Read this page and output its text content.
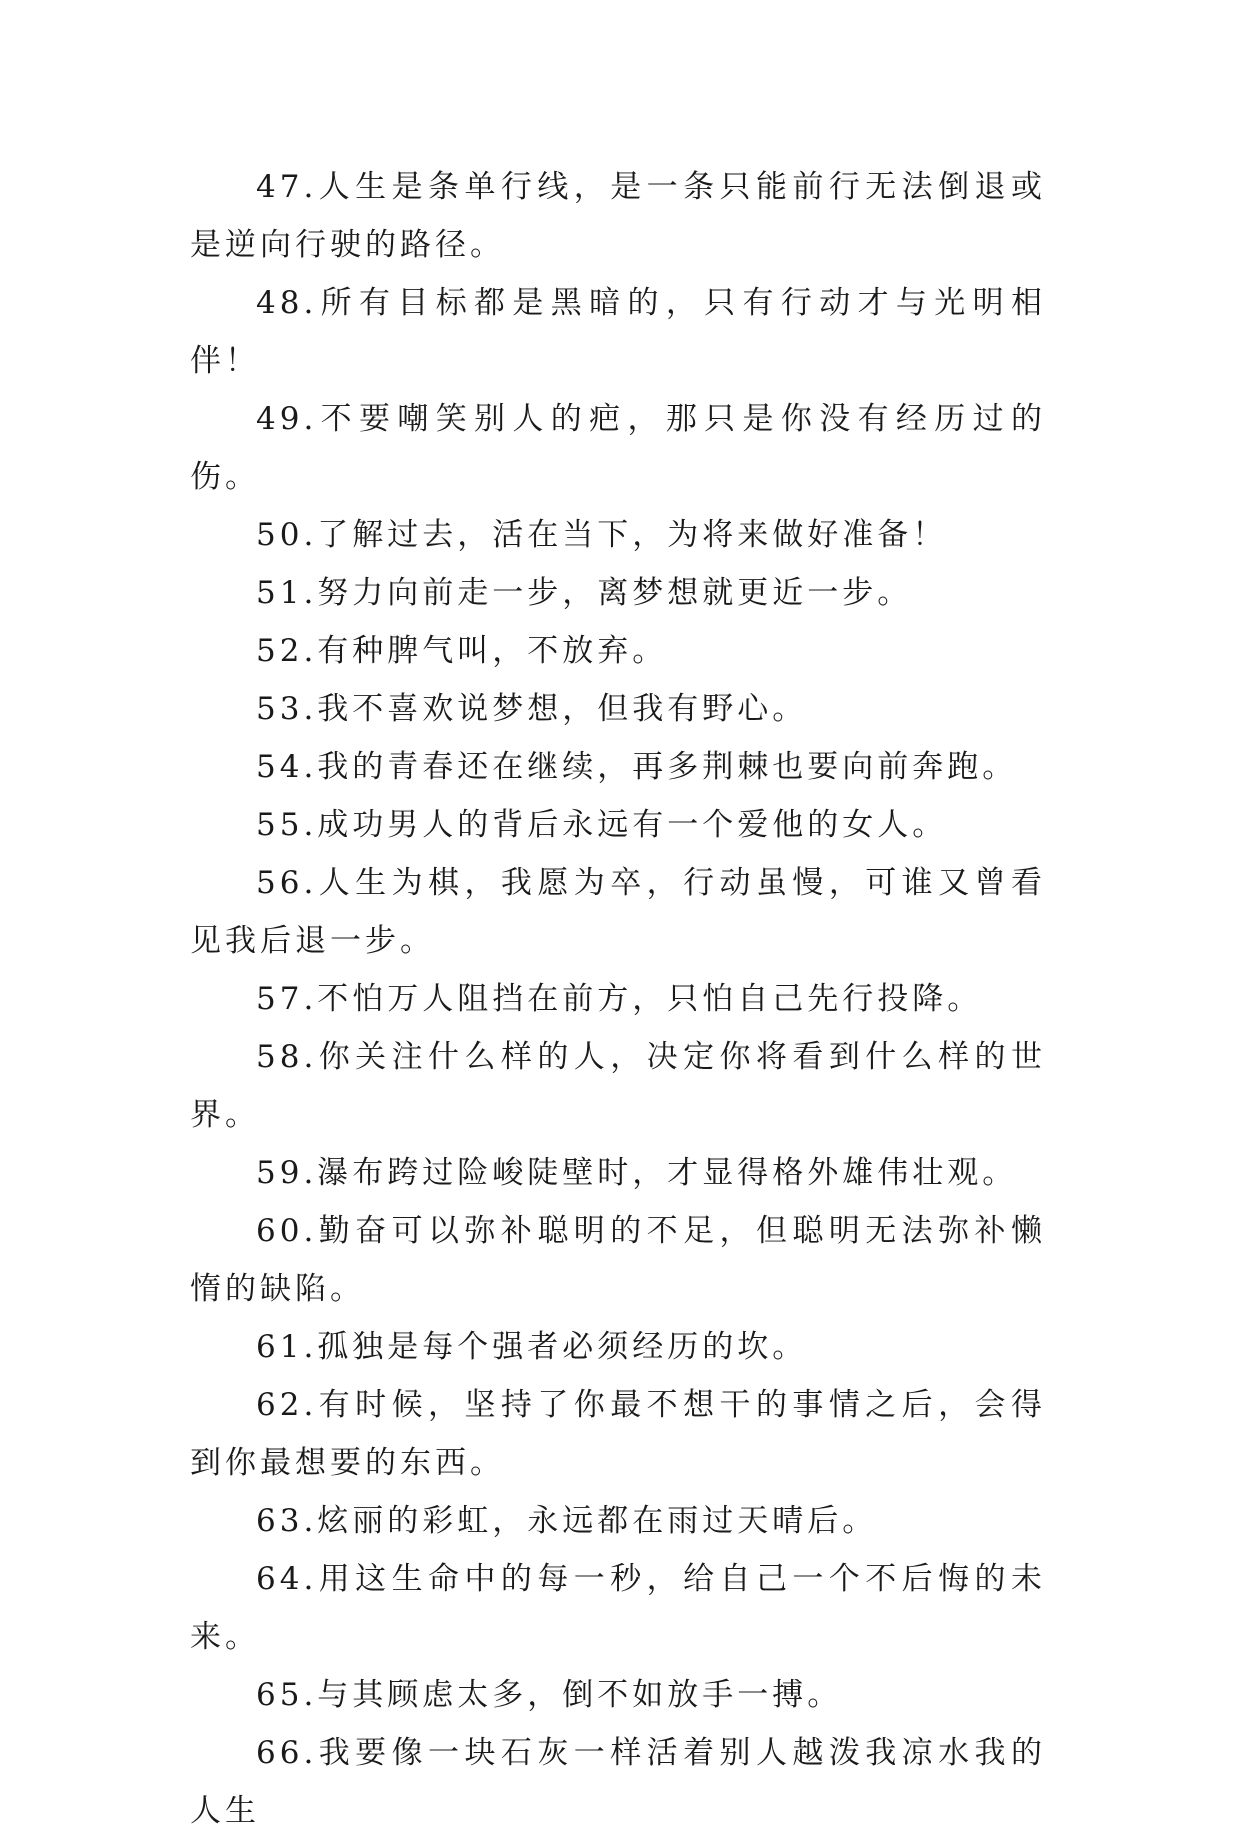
47.人生是条单行线，是一条只能前行无法倒退或是逆向行驶的路径。

48.所有目标都是黑暗的，只有行动才与光明相伴！

49.不要嘲笑别人的疤，那只是你没有经历过的伤。

50.了解过去，活在当下，为将来做好准备！

51.努力向前走一步，离梦想就更近一步。

52.有种脾气叫，不放弃。

53.我不喜欢说梦想，但我有野心。

54.我的青春还在继续，再多荆棘也要向前奔跑。

55.成功男人的背后永远有一个爱他的女人。

56.人生为棋，我愿为卒，行动虽慢，可谁又曾看见我后退一步。

57.不怕万人阻挡在前方，只怕自己先行投降。

58.你关注什么样的人，决定你将看到什么样的世界。

59.瀑布跨过险峻陡壁时，才显得格外雄伟壮观。

60.勤奋可以弥补聪明的不足，但聪明无法弥补懒惰的缺陷。

61.孤独是每个强者必须经历的坎。

62.有时候，坚持了你最不想干的事情之后，会得到你最想要的东西。

63.炫丽的彩虹，永远都在雨过天晴后。

64.用这生命中的每一秒，给自己一个不后悔的未来。

65.与其顾虑太多，倒不如放手一搏。

66.我要像一块石灰一样活着别人越泼我凉水我的人生
